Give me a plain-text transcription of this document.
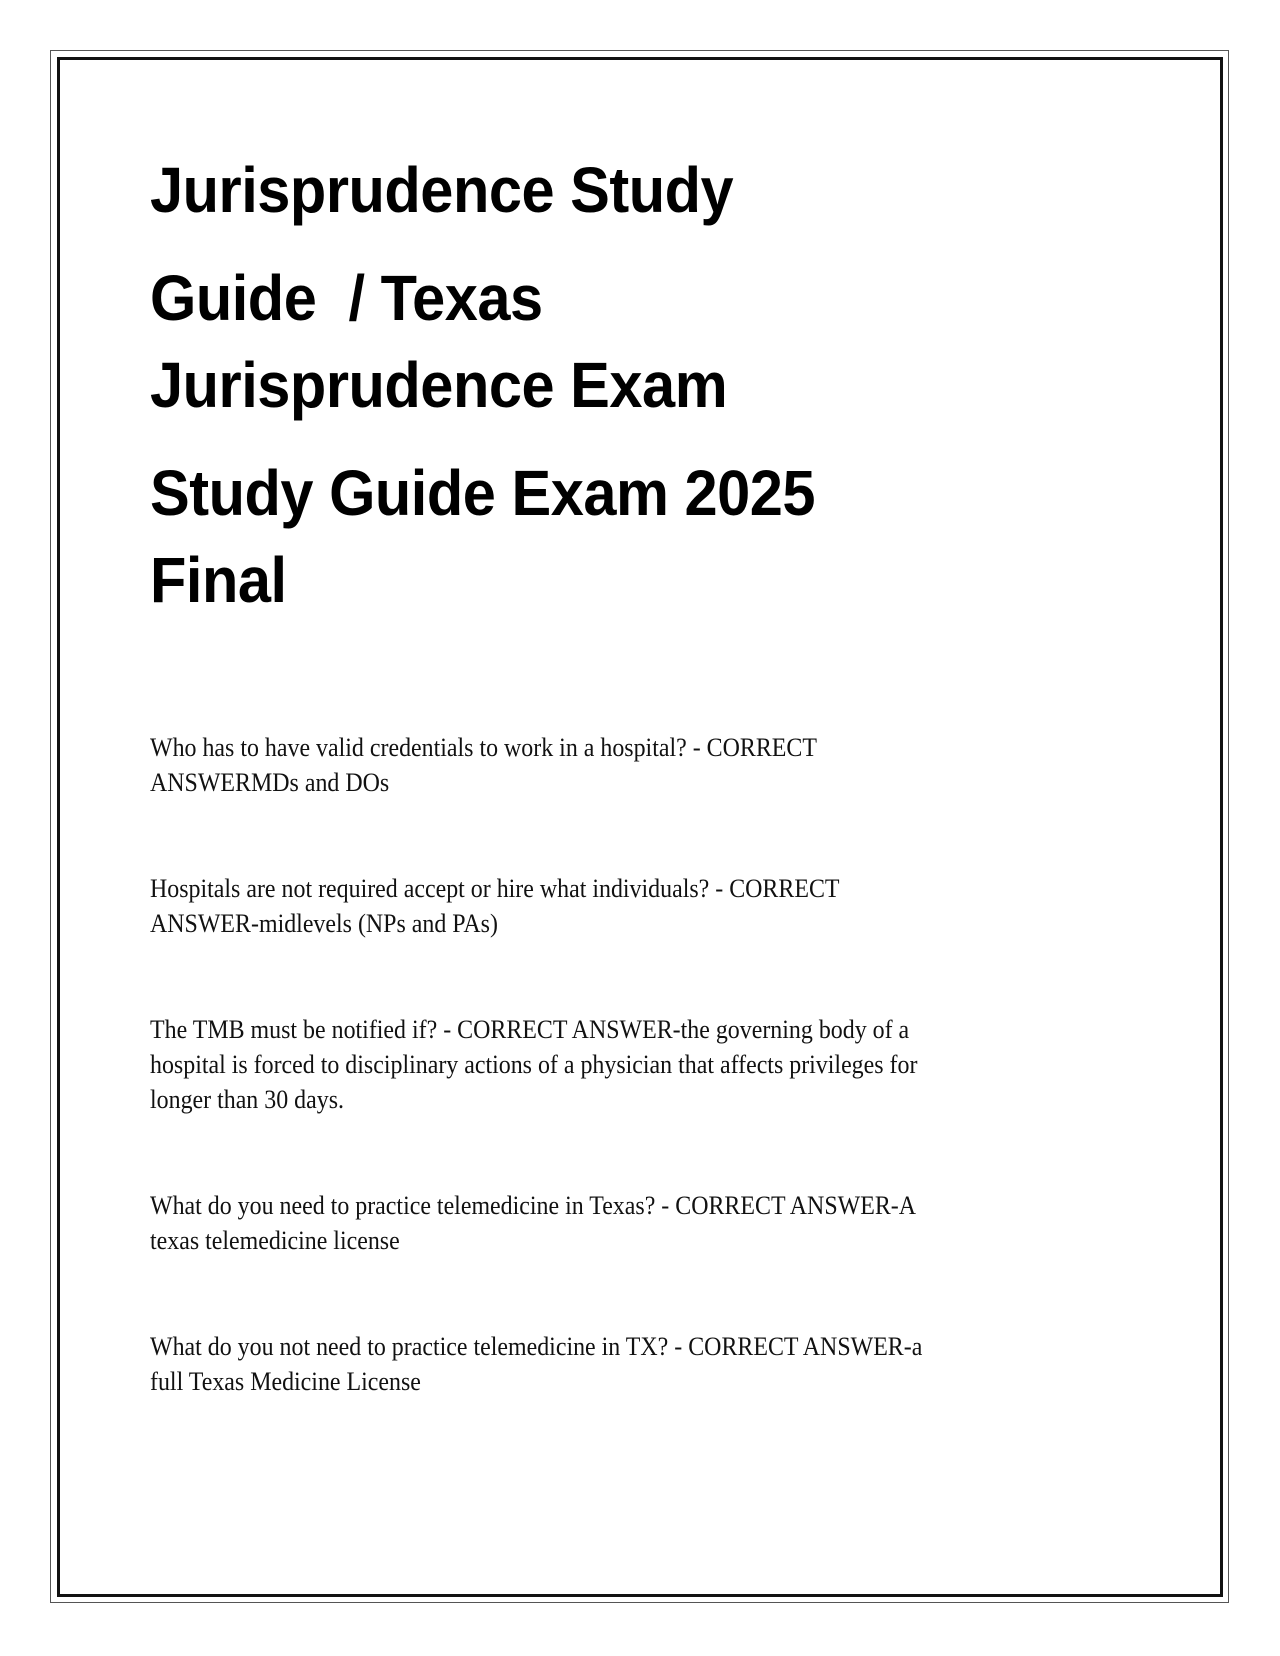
Jurisprudence Study
Guide  / Texas
Jurisprudence Exam
Study Guide Exam 2025
Final

Who has to have valid credentials to work in a hospital? - CORRECT
ANSWERMDs and DOs

Hospitals are not required accept or hire what individuals? - CORRECT
ANSWER-midlevels (NPs and PAs)

The TMB must be notified if? - CORRECT ANSWER-the governing body of a
hospital is forced to disciplinary actions of a physician that affects privileges for
longer than 30 days.

What do you need to practice telemedicine in Texas? - CORRECT ANSWER-A
texas telemedicine license

What do you not need to practice telemedicine in TX? - CORRECT ANSWER-a
full Texas Medicine License
